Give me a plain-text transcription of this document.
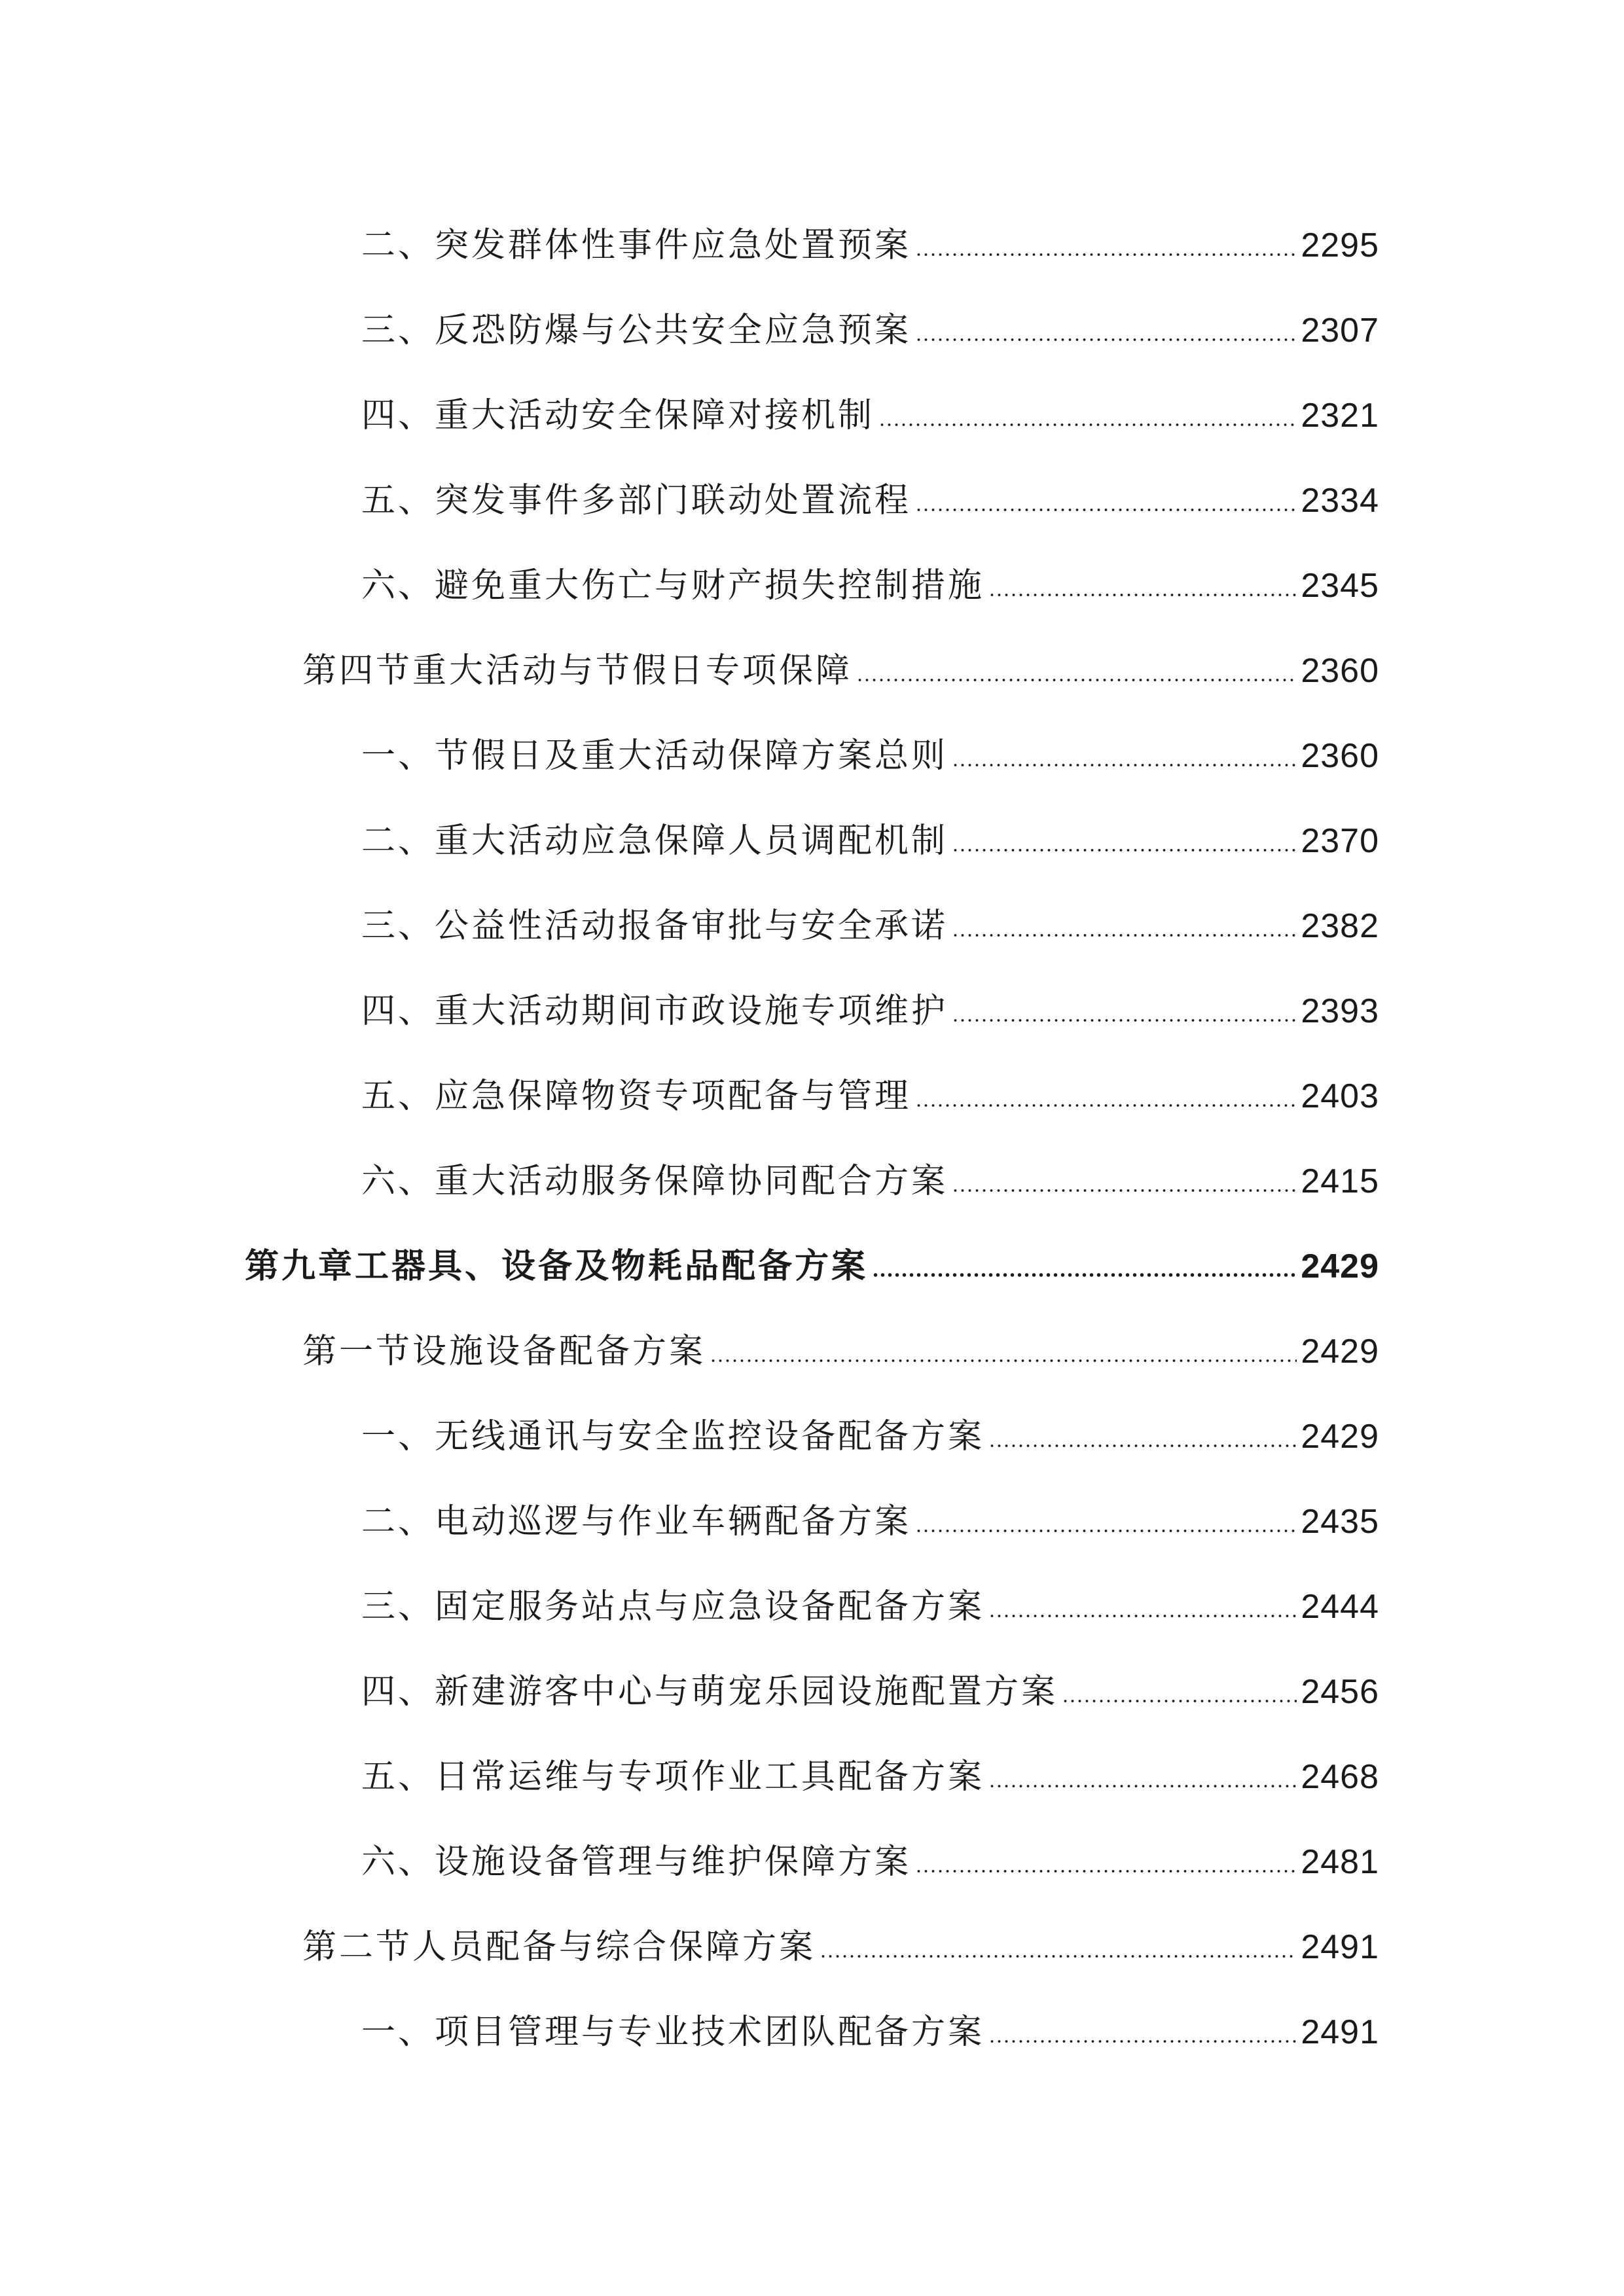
二、突发群体性事件应急处置预案	2295
三、反恐防爆与公共安全应急预案	2307
四、重大活动安全保障对接机制	2321
五、突发事件多部门联动处置流程	2334
六、避免重大伤亡与财产损失控制措施	2345
第四节重大活动与节假日专项保障	2360
一、节假日及重大活动保障方案总则	2360
二、重大活动应急保障人员调配机制	2370
三、公益性活动报备审批与安全承诺	2382
四、重大活动期间市政设施专项维护	2393
五、应急保障物资专项配备与管理	2403
六、重大活动服务保障协同配合方案	2415
第九章工器具、设备及物耗品配备方案	2429
第一节设施设备配备方案	2429
一、无线通讯与安全监控设备配备方案	2429
二、电动巡逻与作业车辆配备方案	2435
三、固定服务站点与应急设备配备方案	2444
四、新建游客中心与萌宠乐园设施配置方案	2456
五、日常运维与专项作业工具配备方案	2468
六、设施设备管理与维护保障方案	2481
第二节人员配备与综合保障方案	2491
一、项目管理与专业技术团队配备方案	2491
